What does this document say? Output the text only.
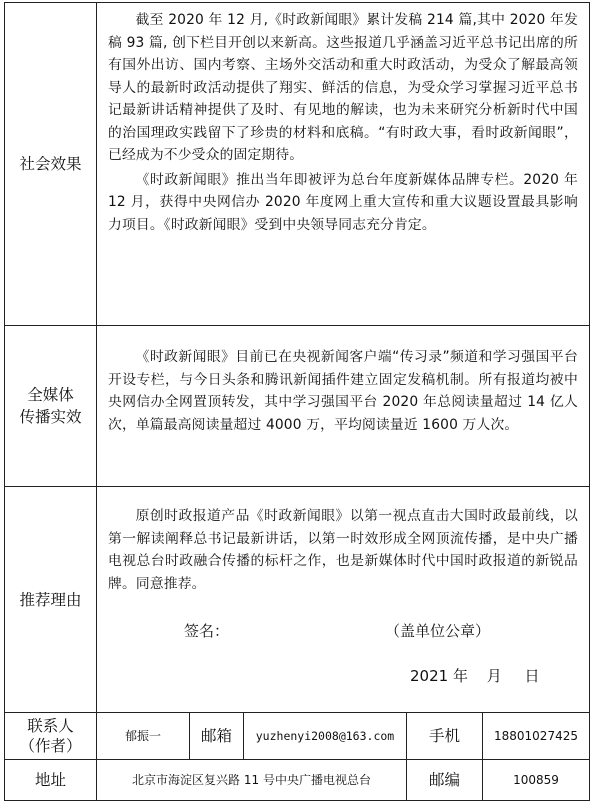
社会效果

截至 2020 年 12 月,《时政新闻眼》累计发稿 214 篇,其中 2020 年发稿 93 篇, 创下栏目开创以来新高。这些报道几乎涵盖习近平总书记出席的所有国外出访、国内考察、主场外交活动和重大时政活动，为受众了解最高领导人的最新时政活动提供了翔实、鲜活的信息，为受众学习掌握习近平总书记最新讲话精神提供了及时、有见地的解读，也为未来研究分析新时代中国的治国理政实践留下了珍贵的材料和底稿。“有时政大事，看时政新闻眼”，已经成为不少受众的固定期待。

《时政新闻眼》推出当年即被评为总台年度新媒体品牌专栏。2020 年 12 月，获得中央网信办 2020 年度网上重大宣传和重大议题设置最具影响力项目。《时政新闻眼》受到中央领导同志充分肯定。

全媒体
传播实效

《时政新闻眼》目前已在央视新闻客户端“传习录”频道和学习强国平台开设专栏，与今日头条和腾讯新闻插件建立固定发稿机制。所有报道均被中央网信办全网置顶转发，其中学习强国平台 2020 年总阅读量超过 14 亿人次，单篇最高阅读量超过 4000 万，平均阅读量近 1600 万人次。

推荐理由

原创时政报道产品《时政新闻眼》以第一视点直击大国时政最前线，以第一解读阐释总书记最新讲话，以第一时效形成全网顶流传播，是中央广播电视总台时政融合传播的标杆之作，也是新媒体时代中国时政报道的新锐品牌。同意推荐。

签名：	（盖单位公章）
2021 年 月 日
联系人
（作者）
郁振一	邮箱 yuzhenyi2008@163.com 手机	18801027425
地址	北京市海淀区复兴路 11 号中央广播电视总台	邮编	100859
